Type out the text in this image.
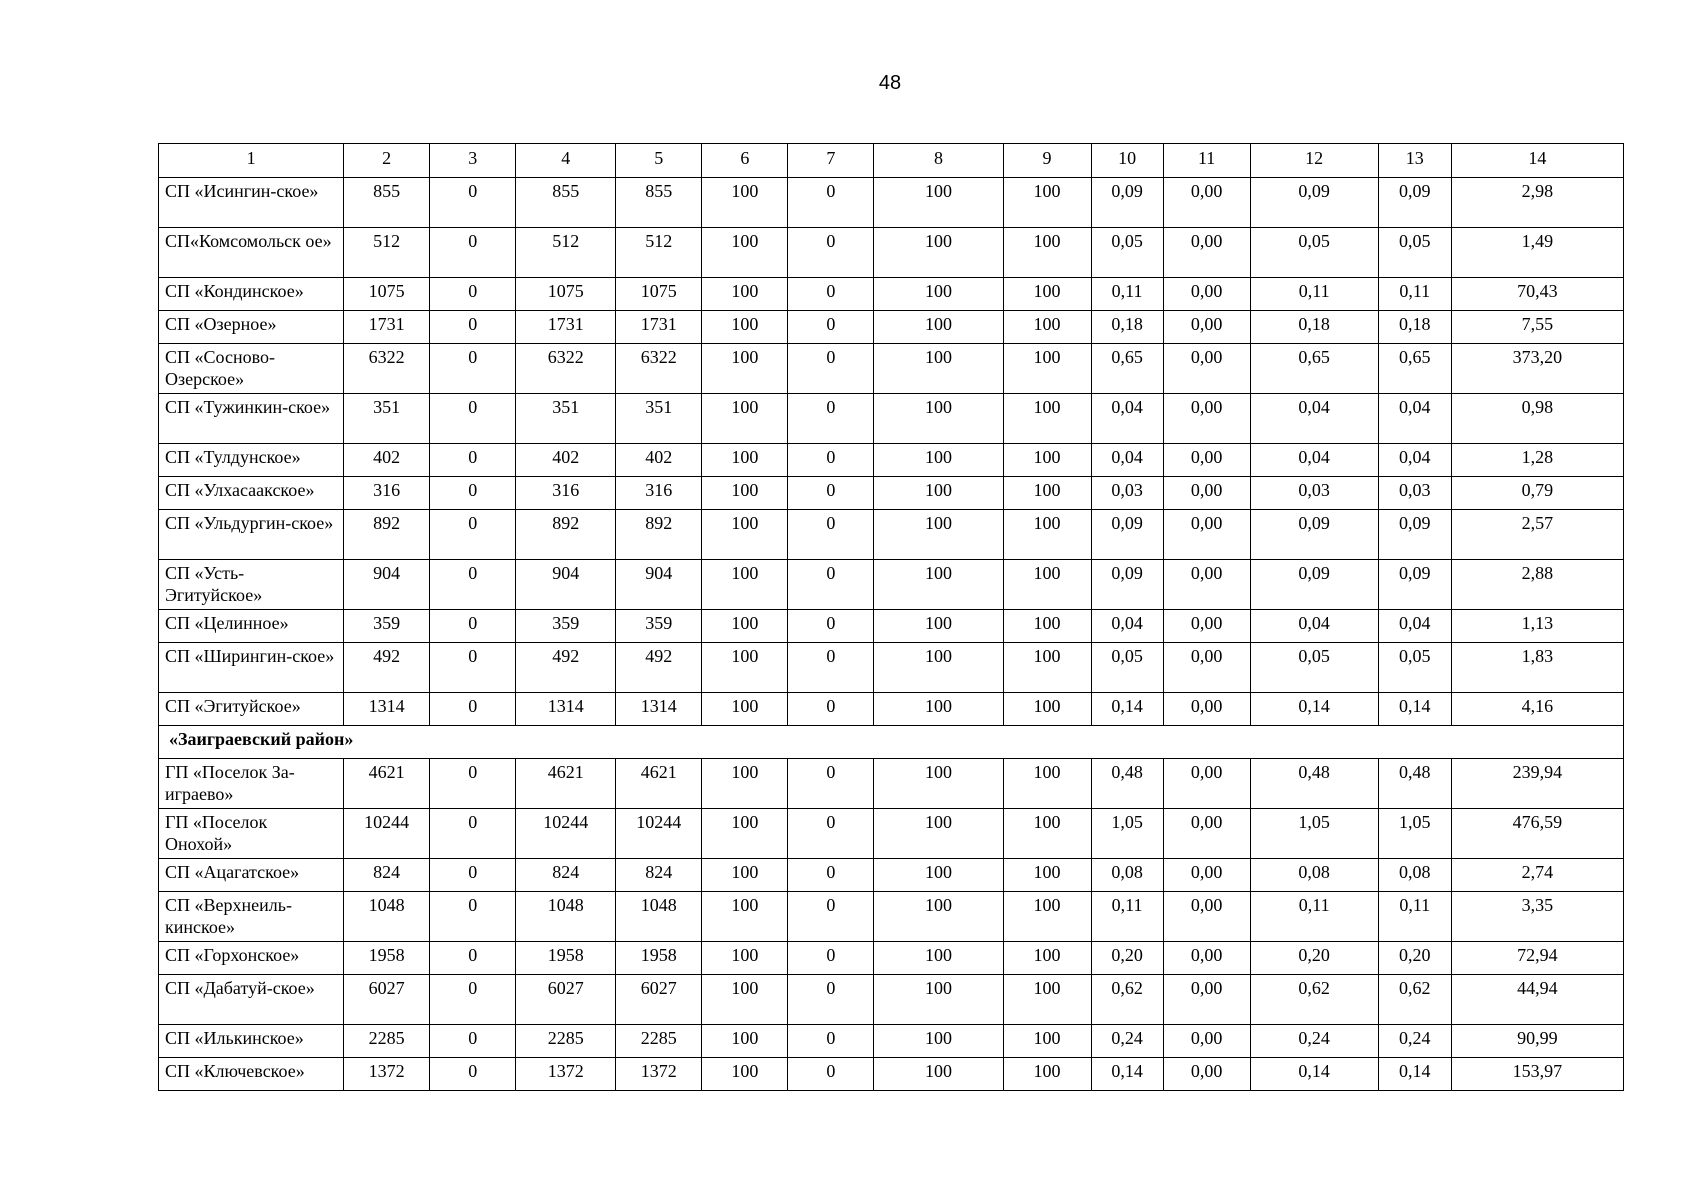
48
1	2	3	4	5	6	7	8	9	10	11	12	13	14
СП «Исингин-ское»	855	0	855	855	100	0	100	100	0,09	0,00	0,09	0,09	2,98
СП«Комсомольск ое»	512	0	512	512	100	0	100	100	0,05	0,00	0,05	0,05	1,49
СП «Кондинское»	1075	0	1075	1075	100	0	100	100	0,11	0,00	0,11	0,11	70,43
СП «Озерное»	1731	0	1731	1731	100	0	100	100	0,18	0,00	0,18	0,18	7,55
СП «Сосново-Озерское»	6322	0	6322	6322	100	0	100	100	0,65	0,00	0,65	0,65	373,20
СП «Тужинкин-ское»	351	0	351	351	100	0	100	100	0,04	0,00	0,04	0,04	0,98
СП «Тулдунское»	402	0	402	402	100	0	100	100	0,04	0,00	0,04	0,04	1,28
СП «Улхасаакское»	316	0	316	316	100	0	100	100	0,03	0,00	0,03	0,03	0,79
СП «Ульдургин-ское»	892	0	892	892	100	0	100	100	0,09	0,00	0,09	0,09	2,57
СП «Усть-Эгитуйское»	904	0	904	904	100	0	100	100	0,09	0,00	0,09	0,09	2,88
СП «Целинное»	359	0	359	359	100	0	100	100	0,04	0,00	0,04	0,04	1,13
СП «Ширингин-ское»	492	0	492	492	100	0	100	100	0,05	0,00	0,05	0,05	1,83
СП «Эгитуйское»	1314	0	1314	1314	100	0	100	100	0,14	0,00	0,14	0,14	4,16
«Заиграевский район»													
ГП «Поселок За-играево»	4621	0	4621	4621	100	0	100	100	0,48	0,00	0,48	0,48	239,94
ГП «Поселок Онохой»	10244	0	10244	10244	100	0	100	100	1,05	0,00	1,05	1,05	476,59
СП «Ацагатское»	824	0	824	824	100	0	100	100	0,08	0,00	0,08	0,08	2,74
СП «Верхнеиль-кинское»	1048	0	1048	1048	100	0	100	100	0,11	0,00	0,11	0,11	3,35
СП «Горхонское»	1958	0	1958	1958	100	0	100	100	0,20	0,00	0,20	0,20	72,94
СП «Дабатуй-ское»	6027	0	6027	6027	100	0	100	100	0,62	0,00	0,62	0,62	44,94
СП «Илькинское»	2285	0	2285	2285	100	0	100	100	0,24	0,00	0,24	0,24	90,99
СП «Ключевское»	1372	0	1372	1372	100	0	100	100	0,14	0,00	0,14	0,14	153,97
